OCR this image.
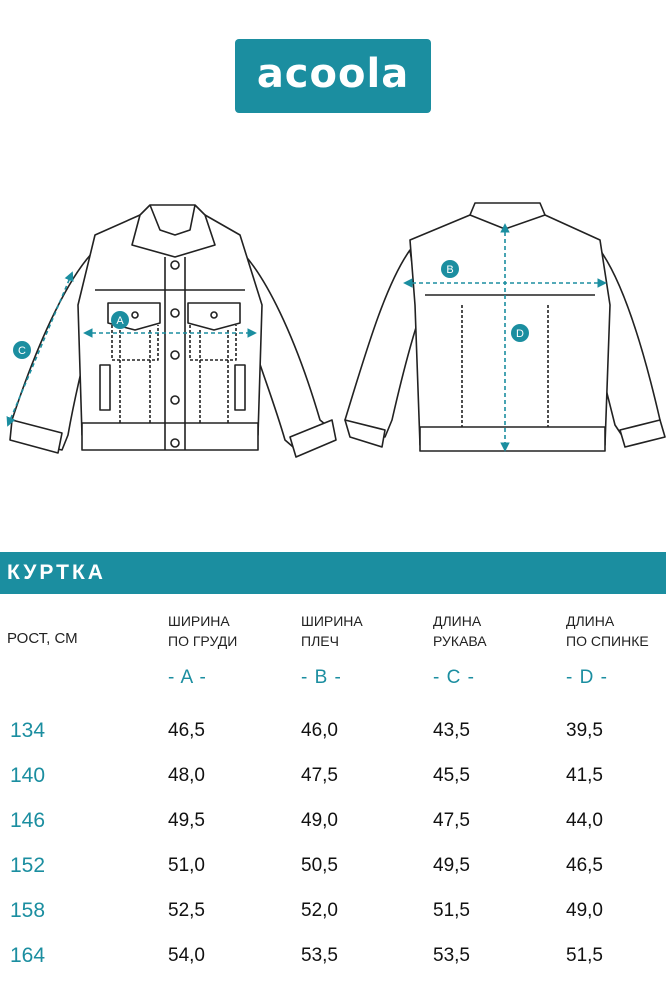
acoola
A
B
C
D
КУРТКА
РОСТ, СМ
ШИРИНА
ПО ГРУДИ
ШИРИНА
ПЛЕЧ
ДЛИНА
РУКАВА
ДЛИНА
ПО СПИНКЕ
- A -	- B -	- C -	- D -
134	46,5	46,0	43,5	39,5
140	48,0	47,5	45,5	41,5
146	49,5	49,0	47,5	44,0
152	51,0	50,5	49,5	46,5
158	52,5	52,0	51,5	49,0
164	54,0	53,5	53,5	51,5
